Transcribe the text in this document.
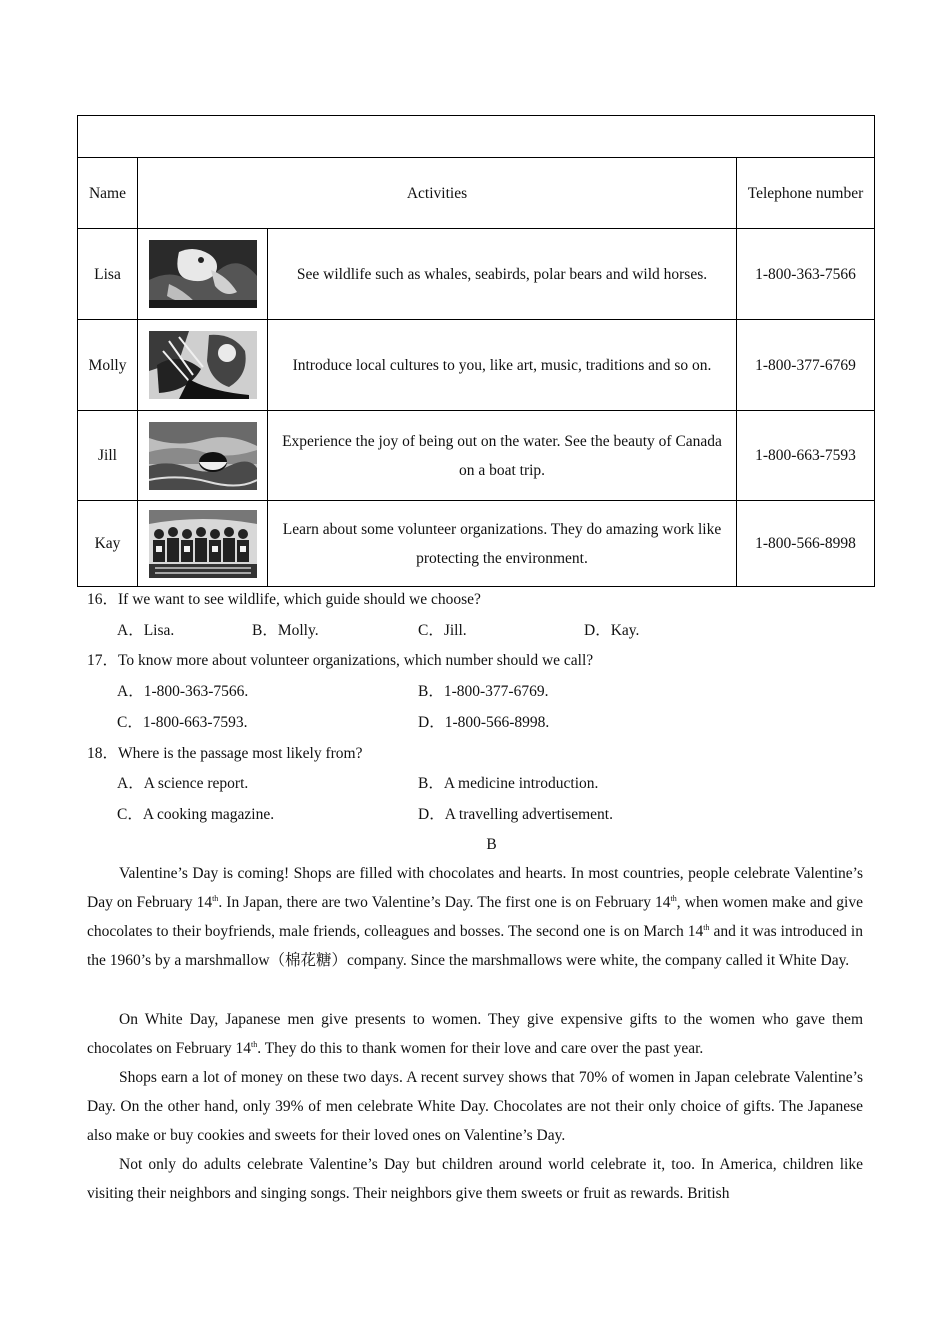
Name	Activities		Telephone number
Lisa		See wildlife such as whales, seabirds, polar bears and wild horses.	1-800-363-7566
Molly		Introduce local cultures to you, like art, music, traditions and so on.	1-800-377-6769
Jill		Experience the joy of being out on the water. See the beauty of Canada on a boat trip.	1-800-663-7593
Kay		Learn about some volunteer organizations. They do amazing work like protecting the environment.	1-800-566-8998
16．If we want to see wildlife, which guide should we choose?
A．Lisa.	B．Molly.	C．Jill.	D．Kay.
17．To know more about volunteer organizations, which number should we call?
A．1-800-363-7566.	B．1-800-377-6769.
C．1-800-663-7593.	D．1-800-566-8998.
18．Where is the passage most likely from?
A．A science report.	B．A medicine introduction.
C．A cooking magazine.	D．A travelling advertisement.
B

Valentine’s Day is coming! Shops are filled with chocolates and hearts. In most countries, people celebrate Valentine’s Day on February 14th. In Japan, there are two Valentine’s Day. The first one is on February 14th, when women make and give chocolates to their boyfriends, male friends, colleagues and bosses. The second one is on March 14th and it was introduced in the 1960’s by a marshmallow（棉花糖）company. Since the marshmallows were white, the company called it White Day.

On White Day, Japanese men give presents to women. They give expensive gifts to the women who gave them chocolates on February 14th. They do this to thank women for their love and care over the past year.

Shops earn a lot of money on these two days. A recent survey shows that 70% of women in Japan celebrate Valentine’s Day. On the other hand, only 39% of men celebrate White Day. Chocolates are not their only choice of gifts. The Japanese also make or buy cookies and sweets for their loved ones on Valentine’s Day.

Not only do adults celebrate Valentine’s Day but children around world celebrate it, too. In America, children like visiting their neighbors and singing songs. Their neighbors give them sweets or fruit as rewards. British
